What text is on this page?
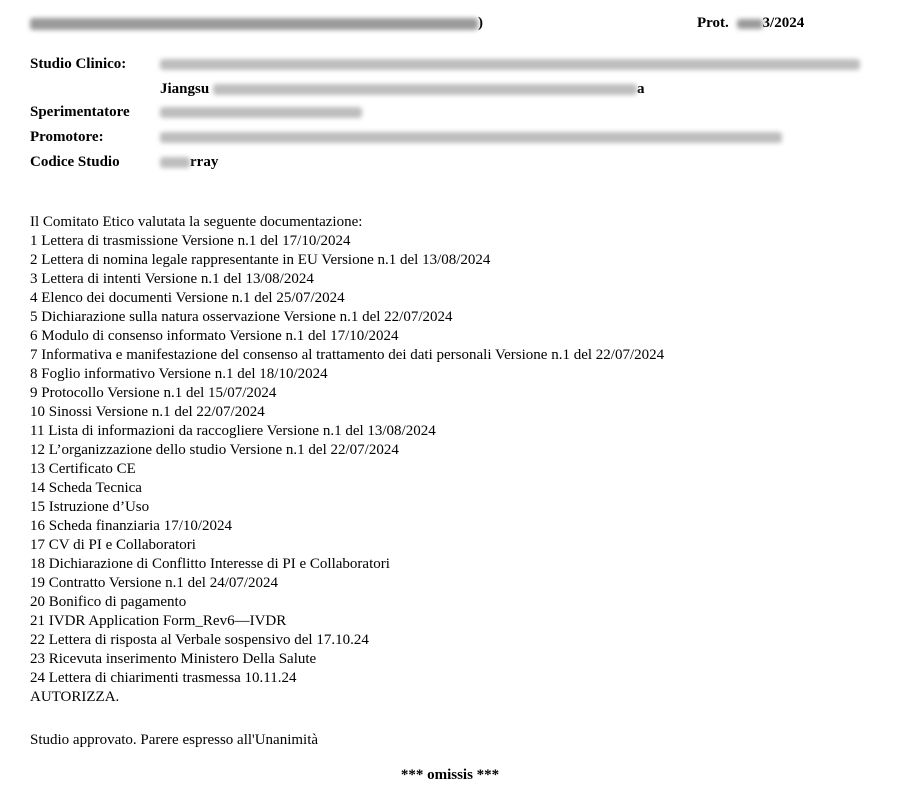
)	Prot. 3/2024
Studio Clinico:
Jiangsu	a
Sperimentatore
Promotore:
Codice Studio	rray

Il Comitato Etico valutata la seguente documentazione:

1 Lettera di trasmissione Versione n.1 del 17/10/2024

2 Lettera di nomina legale rappresentante in EU Versione n.1 del 13/08/2024

3 Lettera di intenti Versione n.1 del 13/08/2024

4 Elenco dei documenti Versione n.1 del 25/07/2024

5 Dichiarazione sulla natura osservazione Versione n.1 del 22/07/2024

6 Modulo di consenso informato Versione n.1 del 17/10/2024

7 Informativa e manifestazione del consenso al trattamento dei dati personali Versione n.1 del 22/07/2024

8 Foglio informativo Versione n.1 del 18/10/2024

9 Protocollo Versione n.1 del 15/07/2024

10 Sinossi Versione n.1 del 22/07/2024

11 Lista di informazioni da raccogliere Versione n.1 del 13/08/2024

12 L’organizzazione dello studio Versione n.1 del 22/07/2024

13 Certificato CE

14 Scheda Tecnica

15 Istruzione d’Uso

16 Scheda finanziaria 17/10/2024

17 CV di PI e Collaboratori

18 Dichiarazione di Conflitto Interesse di PI e Collaboratori

19 Contratto Versione n.1 del 24/07/2024

20 Bonifico di pagamento

21 IVDR Application Form_Rev6—IVDR

22 Lettera di risposta al Verbale sospensivo del 17.10.24

23 Ricevuta inserimento Ministero Della Salute

24 Lettera di chiarimenti trasmessa 10.11.24

AUTORIZZA.

Studio approvato. Parere espresso all'Unanimità
*** omissis ***
